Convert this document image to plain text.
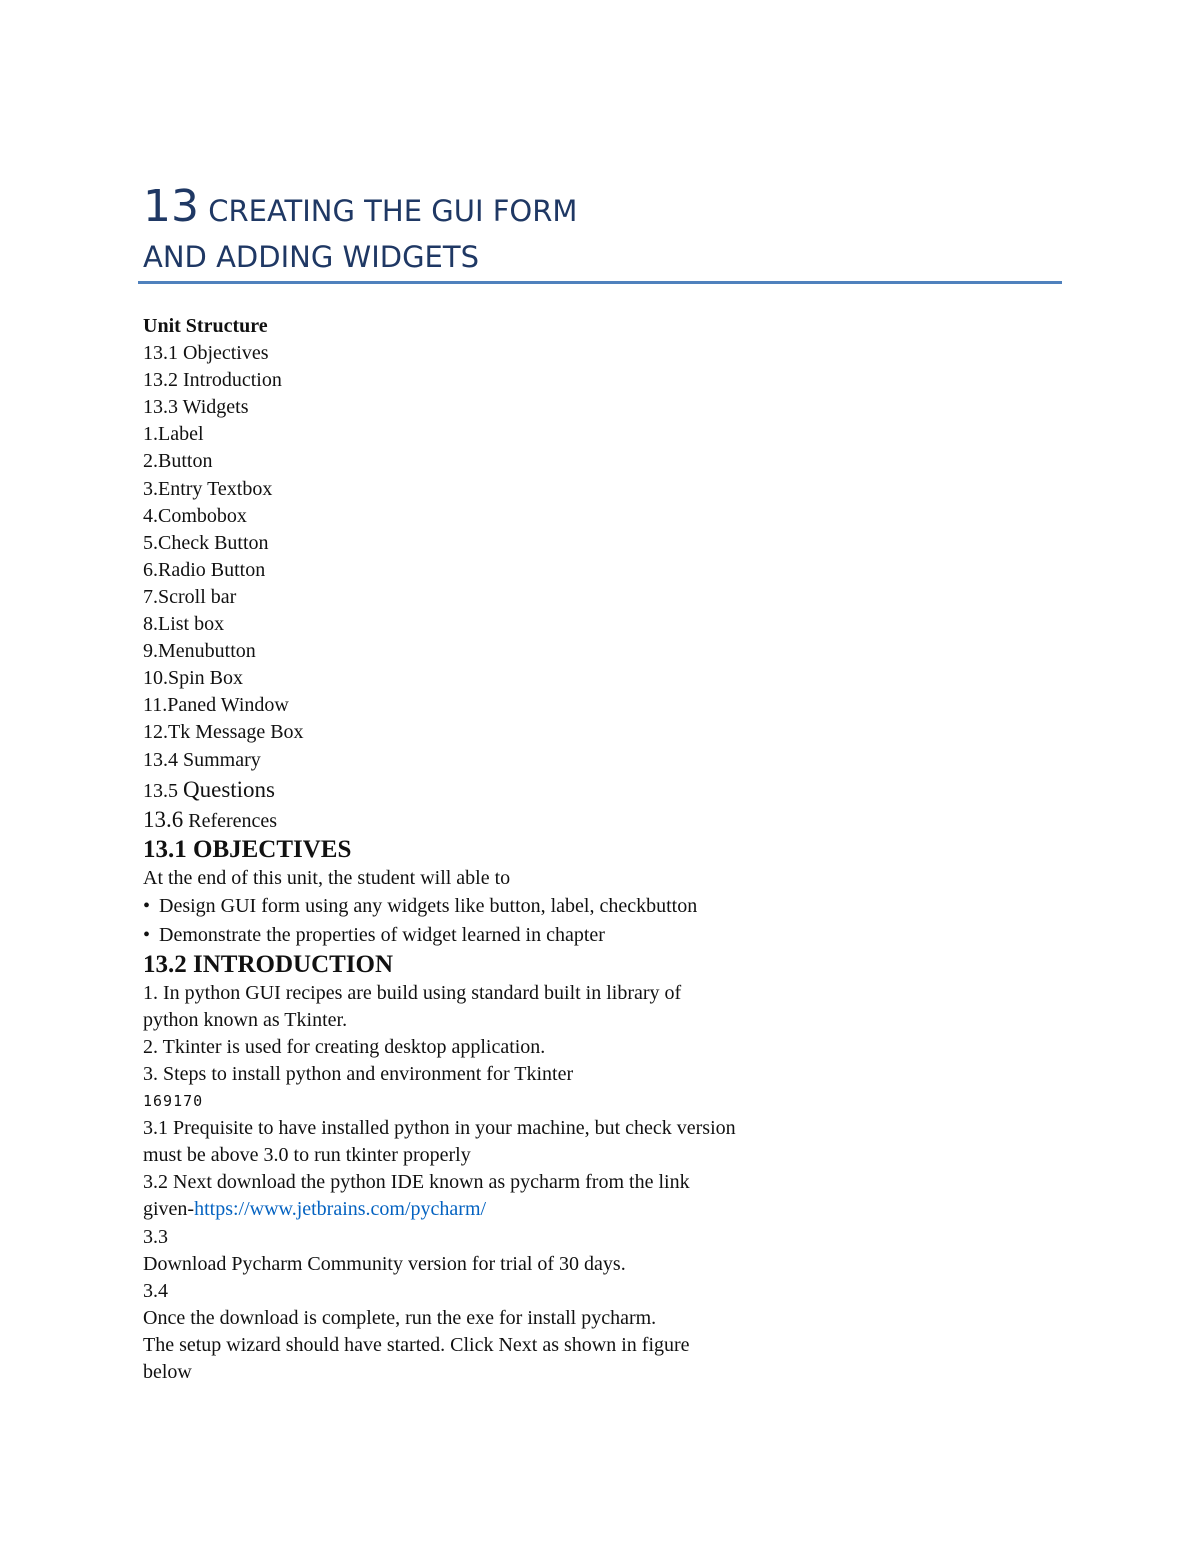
13 CREATING THE GUI FORM
AND ADDING WIDGETS
Unit Structure
13.1 Objectives
13.2 Introduction
13.3 Widgets
1.Label
2.Button
3.Entry Textbox
4.Combobox
5.Check Button
6.Radio Button
7.Scroll bar
8.List box
9.Menubutton
10.Spin Box
11.Paned Window
12.Tk Message Box
13.4 Summary
13.5 Questions
13.6 References
13.1 OBJECTIVES
At the end of this unit, the student will able to
• Design GUI form using any widgets like button, label, checkbutton
• Demonstrate the properties of widget learned in chapter
13.2 INTRODUCTION
1. In python GUI recipes are build using standard built in library of
python known as Tkinter.
2. Tkinter is used for creating desktop application.
3. Steps to install python and environment for Tkinter
169170
3.1 Prequisite to have installed python in your machine, but check version
must be above 3.0 to run tkinter properly
3.2 Next download the python IDE known as pycharm from the link
given-https://www.jetbrains.com/pycharm/
3.3
Download Pycharm Community version for trial of 30 days.
3.4
Once the download is complete, run the exe for install pycharm.
The setup wizard should have started. Click Next as shown in figure
below
